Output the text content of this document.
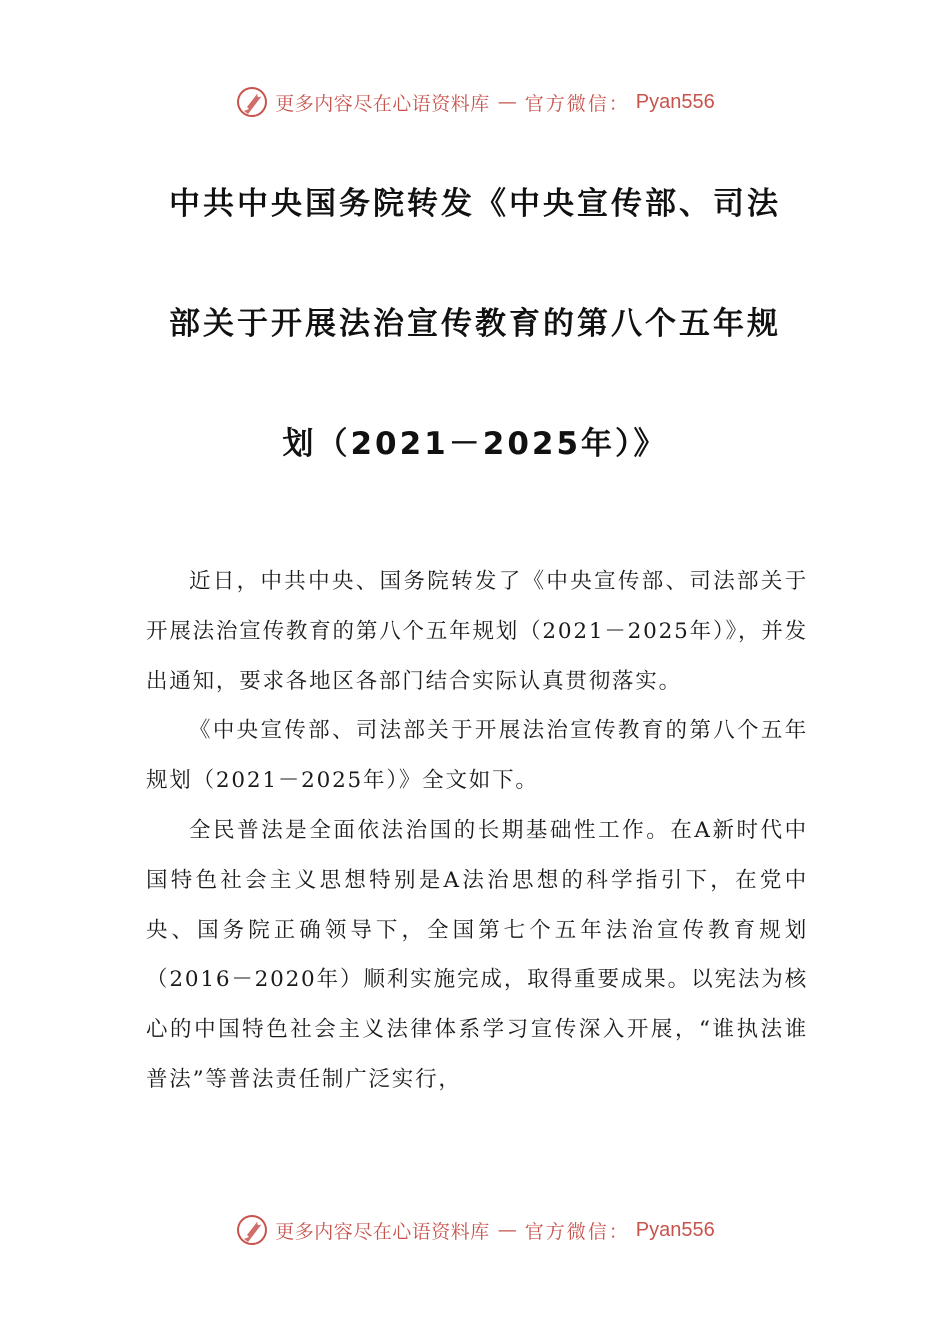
更多内容尽在心语资料库 — 官方微信： Pyan556
中共中央国务院转发《中央宣传部、司法
部关于开展法治宣传教育的第八个五年规
划（2021－2025年）》

近日，中共中央、国务院转发了《中央宣传部、司法部关于开展法治宣传教育的第八个五年规划（2021－2025年）》，并发出通知，要求各地区各部门结合实际认真贯彻落实。

《中央宣传部、司法部关于开展法治宣传教育的第八个五年规划（2021－2025年）》全文如下。

全民普法是全面依法治国的长期基础性工作。在A新时代中国特色社会主义思想特别是A法治思想的科学指引下，在党中央、国务院正确领导下，全国第七个五年法治宣传教育规划（2016－2020年）顺利实施完成，取得重要成果。以宪法为核心的中国特色社会主义法律体系学习宣传深入开展，“谁执法谁普法”等普法责任制广泛实行，

更多内容尽在心语资料库 — 官方微信： Pyan556
